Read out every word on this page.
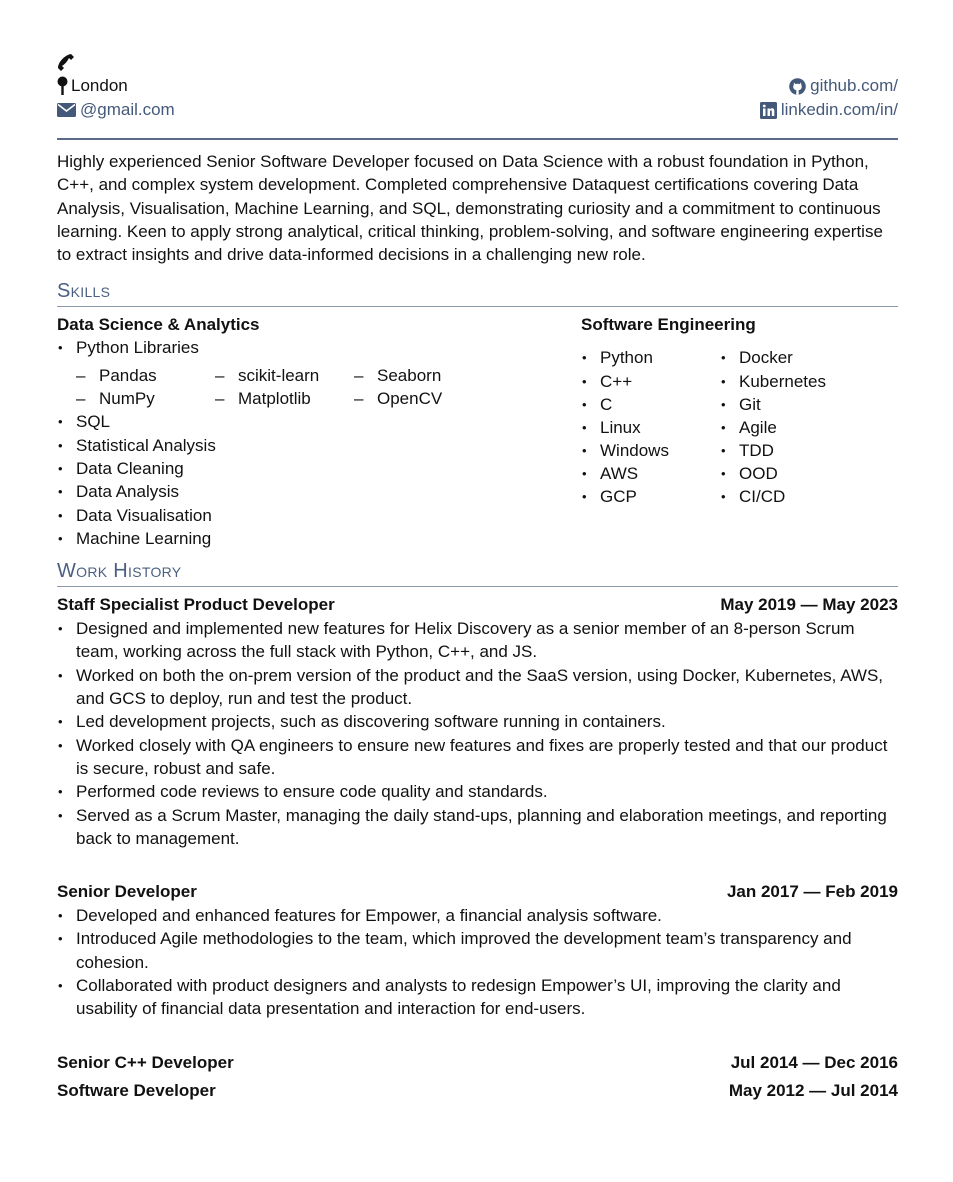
London
@gmail.com
github.com/
linkedin.com/in/
Highly experienced Senior Software Developer focused on Data Science with a robust foundation in Python, C++, and complex system development. Completed comprehensive Dataquest certifications covering Data Analysis, Visualisation, Machine Learning, and SQL, demonstrating curiosity and a commitment to continuous learning. Keen to apply strong analytical, critical thinking, problem-solving, and software engineering expertise to extract insights and drive data-informed decisions in a challenging new role.
Skills
Data Science & Analytics
• Python Libraries
– Pandas	– scikit-learn – Seaborn
– NumPy	– Matplotlib	– OpenCV
• SQL
• Statistical Analysis
• Data Cleaning
• Data Analysis
• Data Visualisation
• Machine Learning
Software Engineering
• Python	• Docker
• C++	• Kubernetes
• C	• Git
• Linux	• Agile
• Windows	• TDD
• AWS	• OOD
• GCP	• CI/CD
Work History
Staff Specialist Product Developer	May 2019 — May 2023
• Designed and implemented new features for Helix Discovery as a senior member of an 8-person Scrum team, working across the full stack with Python, C++, and JS.
• Worked on both the on-prem version of the product and the SaaS version, using Docker, Kubernetes, AWS, and GCS to deploy, run and test the product.
• Led development projects, such as discovering software running in containers.
• Worked closely with QA engineers to ensure new features and fixes are properly tested and that our product is secure, robust and safe.
• Performed code reviews to ensure code quality and standards.
• Served as a Scrum Master, managing the daily stand-ups, planning and elaboration meetings, and reporting back to management.
Senior Developer	Jan 2017 — Feb 2019
• Developed and enhanced features for Empower, a financial analysis software.
• Introduced Agile methodologies to the team, which improved the development team’s transparency and cohesion.
• Collaborated with product designers and analysts to redesign Empower’s UI, improving the clarity and usability of financial data presentation and interaction for end-users.
Senior C++ Developer	Jul 2014 — Dec 2016
Software Developer	May 2012 — Jul 2014
